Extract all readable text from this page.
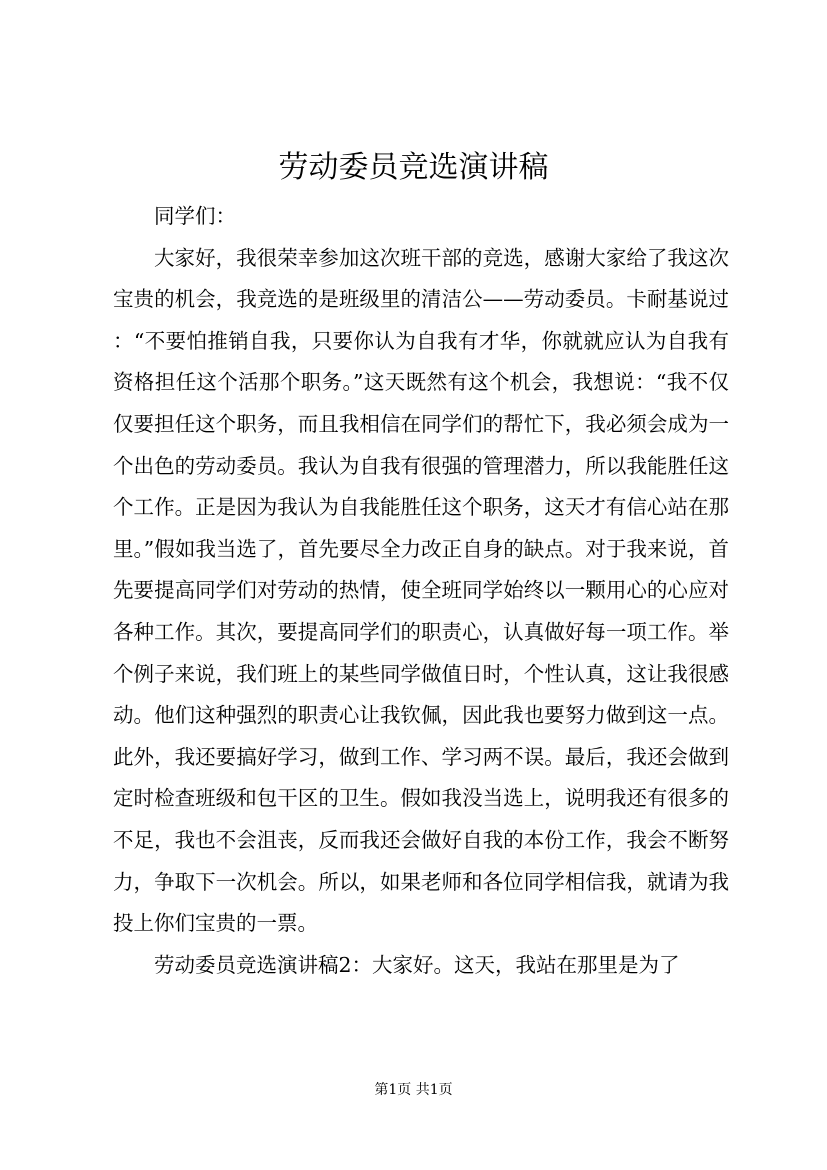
劳动委员竞选演讲稿

同学们：

大家好，我很荣幸参加这次班干部的竞选，感谢大家给了我这次宝贵的机会，我竞选的是班级里的清洁公——劳动委员。卡耐基说过：“不要怕推销自我，只要你认为自我有才华，你就就应认为自我有资格担任这个活那个职务。”这天既然有这个机会，我想说：“我不仅仅要担任这个职务，而且我相信在同学们的帮忙下，我必须会成为一个出色的劳动委员。我认为自我有很强的管理潜力，所以我能胜任这个工作。正是因为我认为自我能胜任这个职务，这天才有信心站在那里。”假如我当选了，首先要尽全力改正自身的缺点。对于我来说，首先要提高同学们对劳动的热情，使全班同学始终以一颗用心的心应对各种工作。其次，要提高同学们的职责心，认真做好每一项工作。举个例子来说，我们班上的某些同学做值日时，个性认真，这让我很感动。他们这种强烈的职责心让我钦佩，因此我也要努力做到这一点。此外，我还要搞好学习，做到工作、学习两不误。最后，我还会做到定时检查班级和包干区的卫生。假如我没当选上，说明我还有很多的不足，我也不会沮丧，反而我还会做好自我的本份工作，我会不断努力，争取下一次机会。所以，如果老师和各位同学相信我，就请为我投上你们宝贵的一票。

劳动委员竞选演讲稿2：大家好。这天，我站在那里是为了

第1页 共1页
